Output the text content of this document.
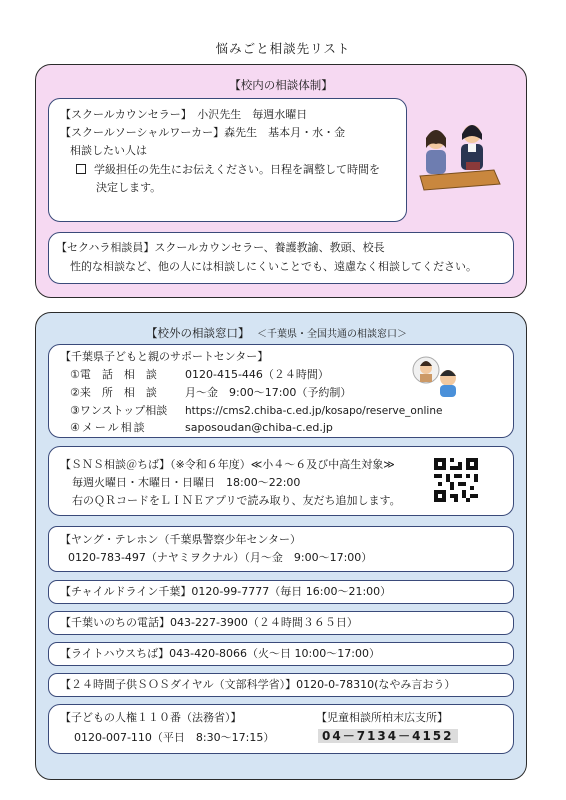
悩みごと相談先リスト
【校内の相談体制】
【スクールカウンセラー】　小沢先生　毎週水曜日
【スクールソーシャルワーカー】森先生　基本月・水・金
相談したい人は
学級担任の先生にお伝えください。日程を調整して時間を
決定します。
【セクハラ相談員】スクールカウンセラー、養護教諭、教頭、校長
性的な相談など、他の人には相談しにくいことでも、遠慮なく相談してください。
【校外の相談窓口】 ＜千葉県・全国共通の相談窓口＞
【千葉県子どもと親のサポートセンター】
①電　話　相　談	0120-415-446（２４時間）
②来　所　相　談	月～金　9:00～17:00（予約制）
③ワンストップ相談 https://cms2.chiba-c.ed.jp/kosapo/reserve_online
④メール相談	saposoudan@chiba-c.ed.jp
【ＳＮＳ相談＠ちば】（※令和６年度）≪小４～６及び中高生対象≫
毎週火曜日・木曜日・日曜日　18:00～22:00
右のＱＲコードをＬＩＮＥアプリで読み取り、友だち追加します。
【ヤング・テレホン（千葉県警察少年センター）
0120-783-497（ナヤミヲクナル）（月～金　9:00～17:00）
【チャイルドライン千葉】0120-99-7777（毎日 16:00～21:00）
【千葉いのちの電話】043-227-3900（２４時間３６５日）
【ライトハウスちば】043-420-8066（火～日 10:00～17:00）
【２４時間子供ＳＯＳダイヤル（文部科学省）】0120-0-78310(なやみ言おう）
【子どもの人権１１０番（法務省）】
0120-007-110（平日　8:30～17:15）
【児童相談所柏末広支所】
04－7134－4152
